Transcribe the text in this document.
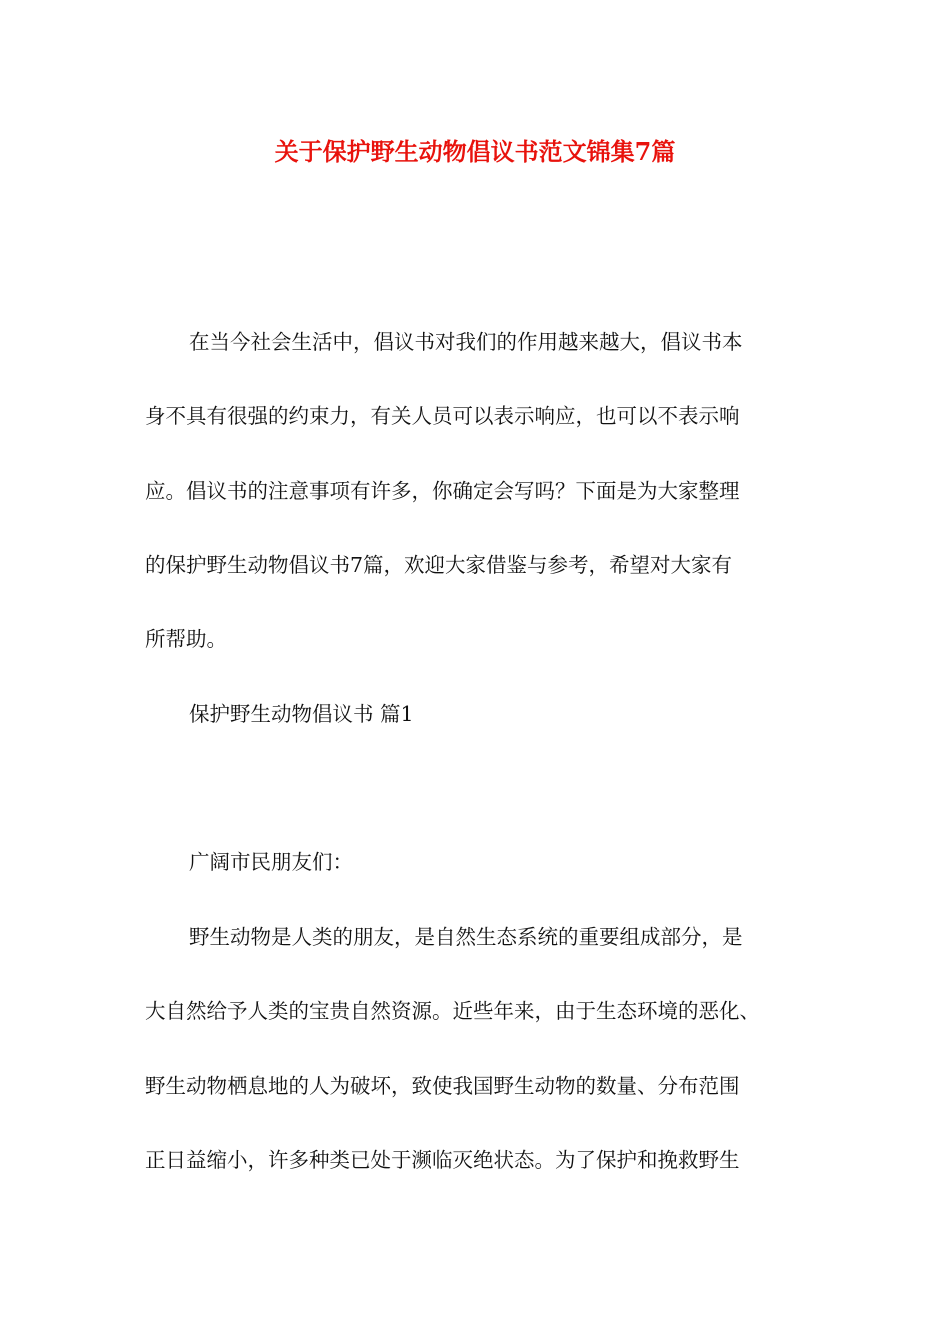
关于保护野生动物倡议书范文锦集7篇
在当今社会生活中，倡议书对我们的作用越来越大，倡议书本
身不具有很强的约束力，有关人员可以表示响应，也可以不表示响
应。倡议书的注意事项有许多，你确定会写吗？下面是为大家整理
的保护野生动物倡议书7篇，欢迎大家借鉴与参考，希望对大家有
所帮助。
保护野生动物倡议书 篇1
广阔市民朋友们：
野生动物是人类的朋友，是自然生态系统的重要组成部分，是
大自然给予人类的宝贵自然资源。近些年来，由于生态环境的恶化、
野生动物栖息地的人为破坏，致使我国野生动物的数量、分布范围
正日益缩小，许多种类已处于濒临灭绝状态。为了保护和挽救野生
